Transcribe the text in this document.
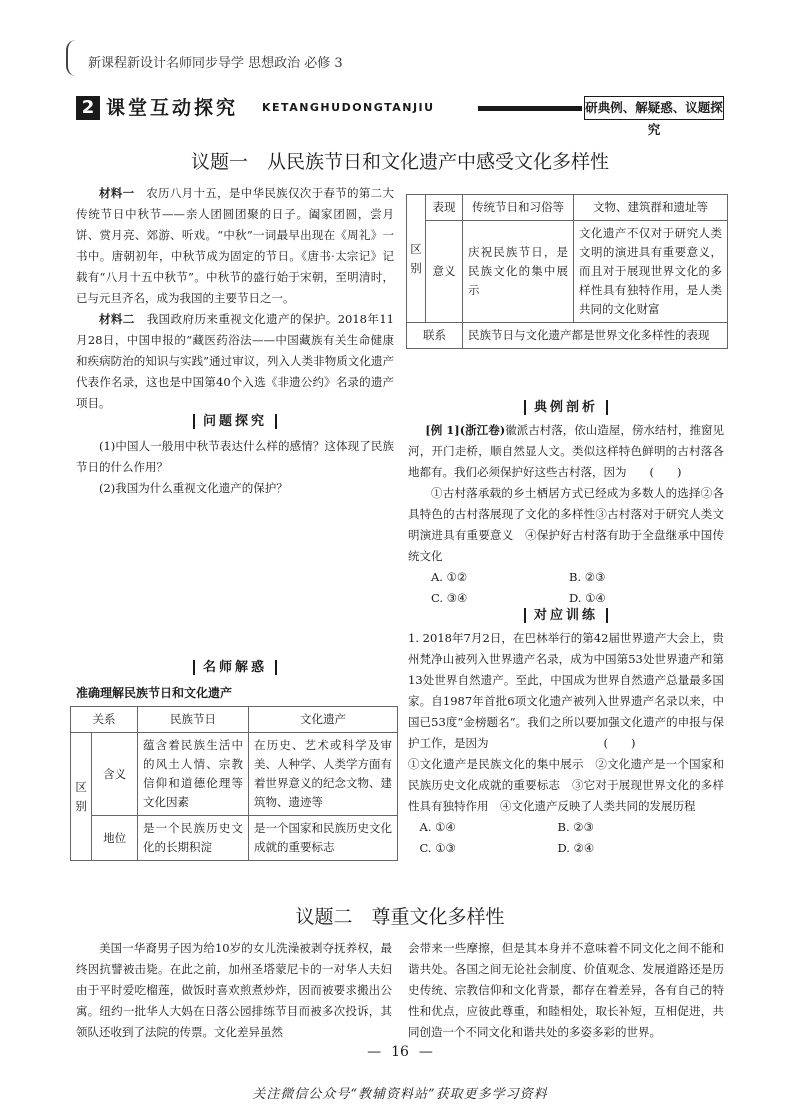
新课程新设计名师同步导学 思想政治 必修 3
2 课堂互动探究 KETANGHUDONGTANJIU	研典例、解疑惑、议题探究
议题一　从民族节日和文化遗产中感受文化多样性

材料一　农历八月十五，是中华民族仅次于春节的第二大传统节日中秋节——亲人团圆团聚的日子。阖家团圆，尝月饼、赏月亮、郊游、听戏。“中秋”一词最早出现在《周礼》一书中。唐朝初年，中秋节成为固定的节日。《唐书·太宗记》记载有“八月十五中秋节”。中秋节的盛行始于宋朝，至明清时，已与元旦齐名，成为我国的主要节日之一。

材料二　我国政府历来重视文化遗产的保护。2018年11月28日，中国申报的“藏医药浴法——中国藏族有关生命健康和疾病防治的知识与实践”通过审议，列入人类非物质文化遗产代表作名录，这也是中国第40个入选《非遗公约》名录的遗产项目。

问题探究

(1)中国人一般用中秋节表达什么样的感情？这体现了民族节日的什么作用？

(2)我国为什么重视文化遗产的保护？

名师解惑
准确理解民族节日和文化遗产
关系		民族节日	文化遗产
区别	含义	蕴含着民族生活中的风土人情、宗教信仰和道德伦理等文化因素	在历史、艺术或科学及审美、人种学、人类学方面有着世界意义的纪念文物、建筑物、遗迹等
	地位	是一个民族历史文化的长期积淀	是一个国家和民族历史文化成就的重要标志
区别	表现	传统节日和习俗等	文物、建筑群和遗址等
	意义	庆祝民族节日，是民族文化的集中展示	文化遗产不仅对于研究人类文明的演进具有重要意义，而且对于展现世界文化的多样性具有独特作用，是人类共同的文化财富
联系		民族节日与文化遗产都是世界文化多样性的表现	
典例剖析

[例 1](浙江卷)徽派古村落，依山造屋，傍水结村，推窗见河，开门走桥，顺自然显人文。类似这样特色鲜明的古村落各地都有。我们必须保护好这些古村落，因为　　(　　)

①古村落承载的乡土栖居方式已经成为多数人的选择②各具特色的古村落展现了文化的多样性③古村落对于研究人类文明演进具有重要意义　 ④保护好古村落有助于全盘继承中国传统文化

A. ①②	B. ②③ C. ③④	D. ①④
对应训练

1. 2018年7月2日，在巴林举行的第42届世界遗产大会上，贵州梵净山被列入世界遗产名录，成为中国第53处世界遗产和第13处世界自然遗产。至此，中国成为世界自然遗产总量最多国家。自1987年首批6项文化遗产被列入世界遗产名录以来，中国已53度“金榜题名”。我们之所以要加强文化遗产的申报与保护工作，是因为　　　　　　　　　　(　　)

①文化遗产是民族文化的集中展示　②文化遗产是一个国家和民族历史文化成就的重要标志　③它对于展现世界文化的多样性具有独特作用　④文化遗产反映了人类共同的发展历程

A. ①④	B. ②③ C. ①③	D. ②④
议题二　尊重文化多样性

美国一华裔男子因为给10岁的女儿洗澡被剥夺抚养权，最终因抗譬被击毙。在此之前，加州圣塔蒙尼卡的一对华人夫妇由于平时爱吃榴莲，做饭时喜欢煎煮炒炸，因而被要求搬出公寓。纽约一批华人大妈在日落公园排练节目而被多次投诉，其领队还收到了法院的传票。文化差异虽然

会带来一些摩擦，但是其本身并不意味着不同文化之间不能和谐共处。各国之间无论社会制度、价值观念、发展道路还是历史传统、宗教信仰和文化背景，都存在着差异，各有自己的特性和优点，应彼此尊重，和睦相处，取长补短，互相促进，共同创造一个不同文化和谐共处的多姿多彩的世界。

— 16 —
关注微信公众号“教辅资料站”获取更多学习资料
